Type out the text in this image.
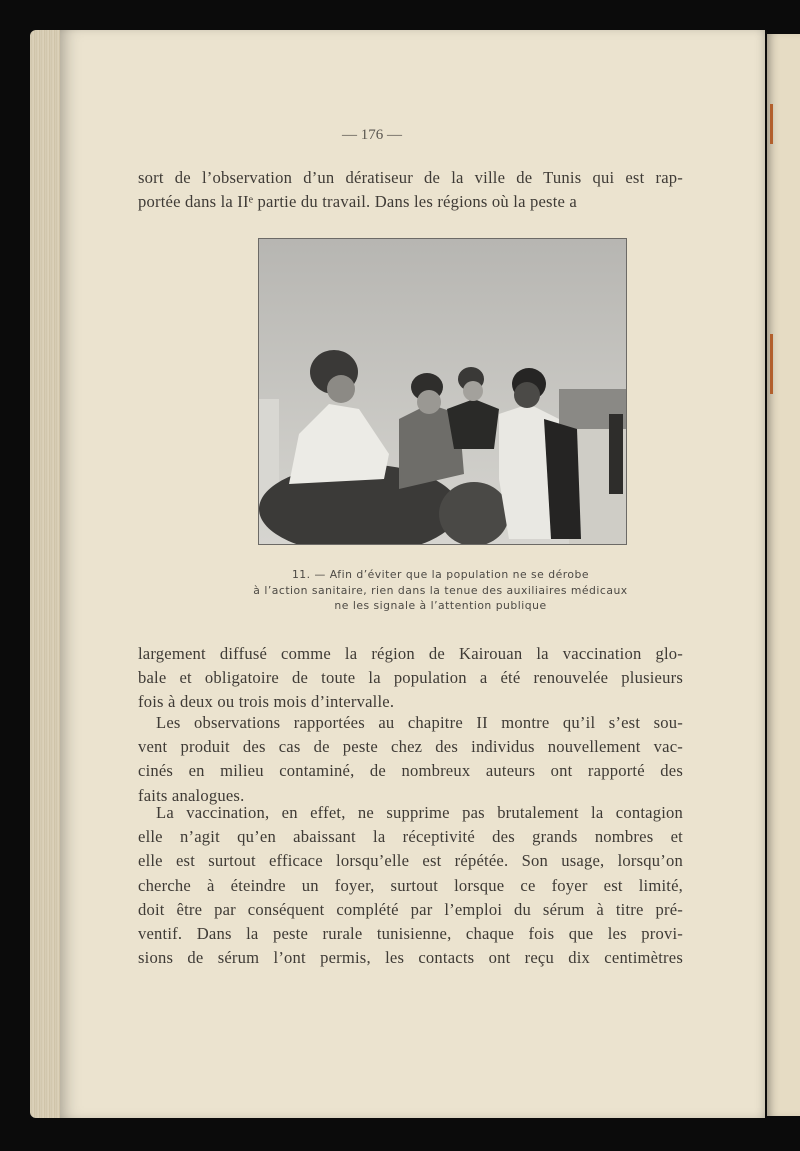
— 176 —
sort de l’observation d’un dératiseur de la ville de Tunis qui est rap-
portée dans la IIᵉ partie du travail. Dans les régions où la peste a
11. — Afin d’éviter que la population ne se dérobe
à l’action sanitaire, rien dans la tenue des auxiliaires médicaux
ne les signale à l’attention publique
largement diffusé comme la région de Kairouan la vaccination glo-
bale et obligatoire de toute la population a été renouvelée plusieurs
fois à deux ou trois mois d’intervalle.
Les observations rapportées au chapitre II montre qu’il s’est sou-
vent produit des cas de peste chez des individus nouvellement vac-
cinés en milieu contaminé, de nombreux auteurs ont rapporté des
faits analogues.
La vaccination, en effet, ne supprime pas brutalement la contagion
elle n’agit qu’en abaissant la réceptivité des grands nombres et
elle est surtout efficace lorsqu’elle est répétée. Son usage, lorsqu’on
cherche à éteindre un foyer, surtout lorsque ce foyer est limité,
doit être par conséquent complété par l’emploi du sérum à titre pré-
ventif. Dans la peste rurale tunisienne, chaque fois que les provi-
sions de sérum l’ont permis, les contacts ont reçu dix centimètres
